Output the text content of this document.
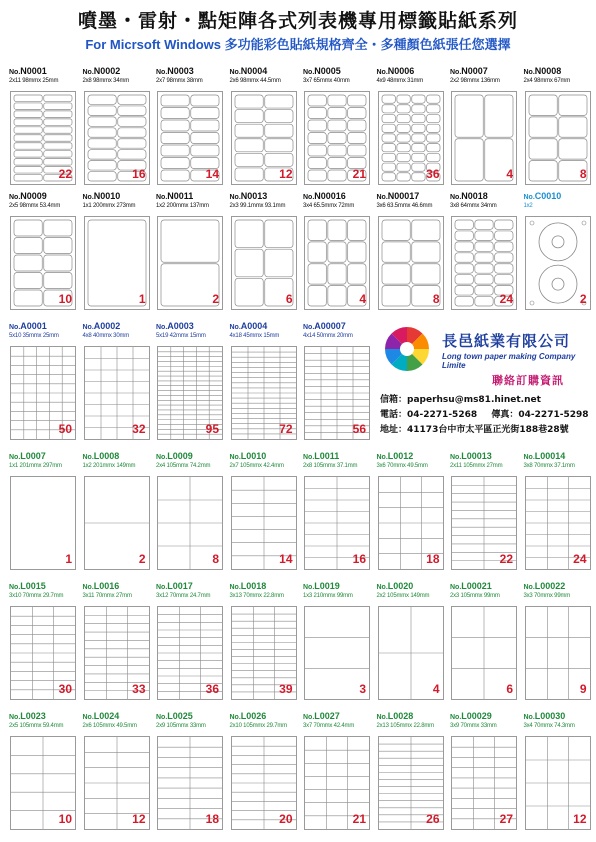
噴墨・雷射・點矩陣各式列表機專用標籤貼紙系列
For Micrsoft Windows 多功能彩色貼紙規格齊全・多種顏色紙張任您選擇
No.N0001
2x11 98mmx 25mm
22
No.N0002
2x8 98mmx 34mm
16
No.N0003
2x7 98mmx 38mm
14
No.N0004
2x6 98mmx 44.5mm
12
No.N0005
3x7 65mmx 40mm
21
No.N0006
4x9 48mmx 31mm
36
No.N0007
2x2 98mmx 136mm
4
No.N0008
2x4 98mmx 67mm
8
No.N0009
2x5 98mmx 53.4mm
10
No.N0010
1x1 200mmx 273mm
1
No.N0011
1x2 200mmx 137mm
2
No.N0013
2x3 99.1mmx 93.1mm
6
No.N00016
3x4 65.5mmx 72mm
4
No.N00017
3x6 63.5mmx 46.6mm
8
No.N0018
3x8 64mmx 34mm
24
No.C0010
1x2
2
No.A0001
5x10 35mmx 25mm
50
No.A0002
4x8 40mmx 30mm
32
No.A0003
5x19 42mmx 15mm
95
No.A0004
4x18 45mmx 15mm
72
No.A00007
4x14 50mmx 20mm
56
No.L0007
1x1 201mmx 297mm
1
No.L0008
1x2 201mmx 149mm
2
No.L0009
2x4 105mmx 74.2mm
8
No.L0010
2x7 105mmx 42.4mm
14
No.L0011
2x8 105mmx 37.1mm
16
No.L0012
3x6 70mmx 49.5mm
18
No.L00013
2x11 105mmx 27mm
22
No.L00014
3x8 70mmx 37.1mm
24
No.L0015
3x10 70mmx 29.7mm
30
No.L0016
3x11 70mmx 27mm
33
No.L0017
3x12 70mmx 24.7mm
36
No.L0018
3x13 70mmx 22.8mm
39
No.L0019
1x3 210mmx 99mm
3
No.L0020
2x2 105mmx 149mm
4
No.L00021
2x3 105mmx 99mm
6
No.L00022
3x3 70mmx 99mm
9
No.L0023
2x5 105mmx 59.4mm
10
No.L0024
2x6 105mmx 49.5mm
12
No.L0025
2x9 105mmx 33mm
18
No.L0026
2x10 105mmx 29.7mm
20
No.L0027
3x7 70mmx 42.4mm
21
No.L0028
2x13 105mmx 22.8mm
26
No.L00029
3x9 70mmx 33mm
27
No.L00030
3x4 70mmx 74.3mm
12
長邑紙業有限公司
Long town paper making Company Limite
聯絡訂購資訊
信箱：paperhsu@ms81.hinet.net
電話：04-2271-5268 傳真：04-2271-5298
地址：41173台中市太平區正光街188巷28號
